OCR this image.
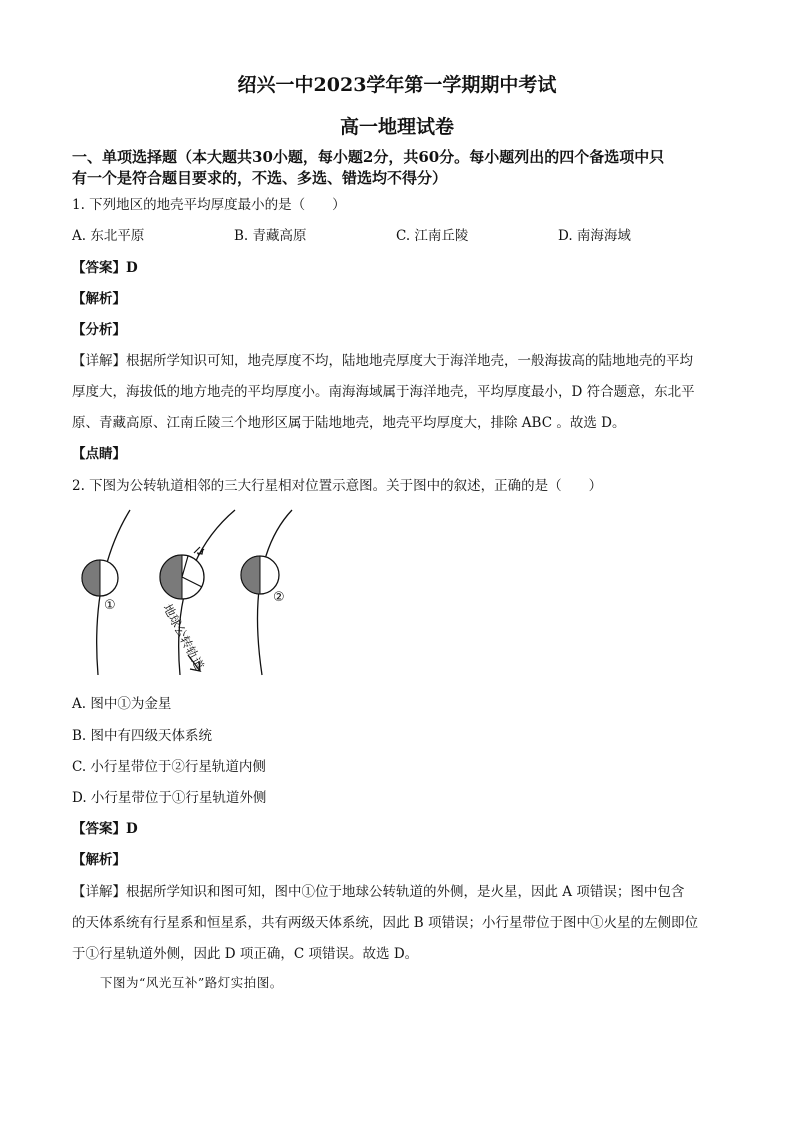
绍兴一中2023学年第一学期期中考试
高一地理试卷
一、单项选择题（本大题共30小题，每小题2分，共60分。每小题列出的四个备选项中只
有一个是符合题目要求的，不选、多选、错选均不得分）
1. 下列地区的地壳平均厚度最小的是（　　）
A. 东北平原	B. 青藏高原	C. 江南丘陵	D. 南海海域
【答案】D
【解析】
【分析】
【详解】根据所学知识可知，地壳厚度不均，陆地地壳厚度大于海洋地壳，一般海拔高的陆地地壳的平均
厚度大，海拔低的地方地壳的平均厚度小。南海海域属于海洋地壳，平均厚度最小，D 符合题意，东北平
原、青藏高原、江南丘陵三个地形区属于陆地地壳，地壳平均厚度大，排除 ABC 。故选 D。
【点睛】
2. 下图为公转轨道相邻的三大行星相对位置示意图。关于图中的叙述，正确的是（　　）
①	地球公转轨道
②
A. 图中①为金星
B. 图中有四级天体系统
C. 小行星带位于②行星轨道内侧
D. 小行星带位于①行星轨道外侧
【答案】D
【解析】
【详解】根据所学知识和图可知，图中①位于地球公转轨道的外侧，是火星，因此 A 项错误；图中包含
的天体系统有行星系和恒星系，共有两级天体系统，因此 B 项错误；小行星带位于图中①火星的左侧即位
于①行星轨道外侧，因此 D 项正确，C 项错误。故选 D。
下图为“风光互补”路灯实拍图。
